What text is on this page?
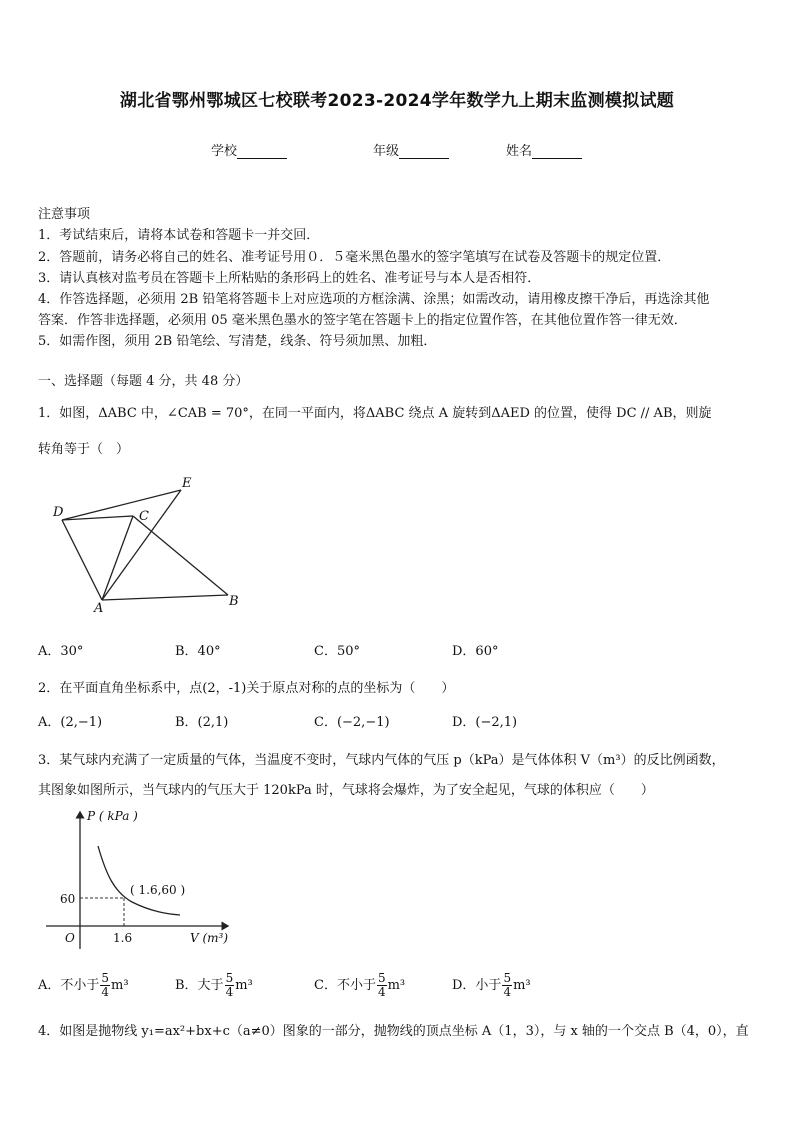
湖北省鄂州鄂城区七校联考2023-2024学年数学九上期末监测模拟试题
学校	年级	姓名
注意事项
1．考试结束后，请将本试卷和答题卡一并交回．
2．答题前，请务必将自己的姓名、准考证号用０．５毫米黑色墨水的签字笔填写在试卷及答题卡的规定位置．
3．请认真核对监考员在答题卡上所粘贴的条形码上的姓名、准考证号与本人是否相符．
4．作答选择题，必须用 2B 铅笔将答题卡上对应选项的方框涂满、涂黑；如需改动，请用橡皮擦干净后，再选涂其他
答案．作答非选择题，必须用 05 毫米黑色墨水的签字笔在答题卡上的指定位置作答，在其他位置作答一律无效．
5．如需作图，须用 2B 铅笔绘、写清楚，线条、符号须加黑、加粗．
一、选择题（每题 4 分，共 48 分）
1．如图，ΔABC 中，∠CAB = 70°，在同一平面内，将ΔABC 绕点 A 旋转到ΔAED 的位置，使得 DC // AB，则旋
转角等于（　）
D	C
E
A	B
A．30°	B．40°	C．50°	D．60°
2．在平面直角坐标系中，点(2，-1)关于原点对称的点的坐标为（　　）
A．(2,−1)	B．(2,1)	C．(−2,−1)	D．(−2,1)
3．某气球内充满了一定质量的气体，当温度不变时，气球内气体的气压 p（kPa）是气体体积 V（m³）的反比例函数，
其图象如图所示，当气球内的气压大于 120kPa 时，气球将会爆炸，为了安全起见，气球的体积应（　　）
P ( kPa )
V (m³)
O
60
1.6
( 1.6,60 )
A．不小于 $\frac{5}{4} m^3$	B．大于 $\frac{5}{4} m^3$	C．不小于 $\frac{5}{4} m^3$	D．小于 $\frac{5}{4} m^3$
4．如图是抛物线 y₁=ax²+bx+c（a≠0）图象的一部分，抛物线的顶点坐标 A（1，3），与 x 轴的一个交点 B（4，0），直
